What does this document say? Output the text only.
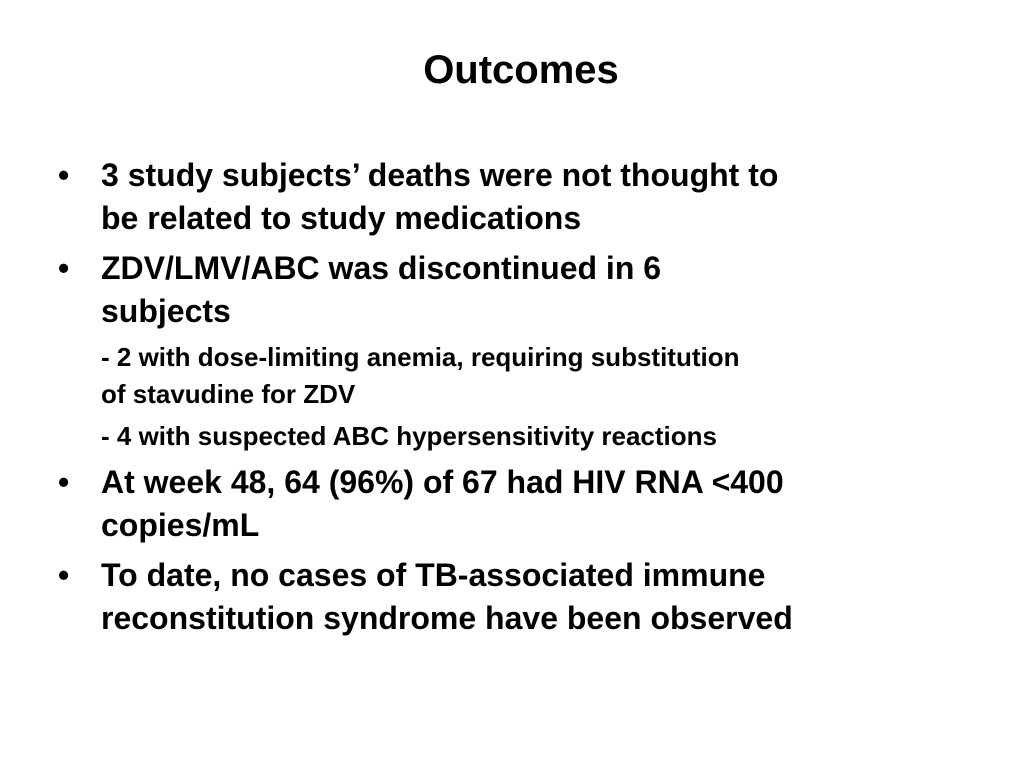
Outcomes
• 3 study subjects’ deaths were not thought to
be related to study medications
• ZDV/LMV/ABC was discontinued in 6
subjects
- 2 with dose-limiting anemia, requiring substitution
of stavudine for ZDV
- 4 with suspected ABC hypersensitivity reactions
• At week 48, 64 (96%) of 67 had HIV RNA <400
copies/mL
• To date, no cases of TB-associated immune
reconstitution syndrome have been observed
